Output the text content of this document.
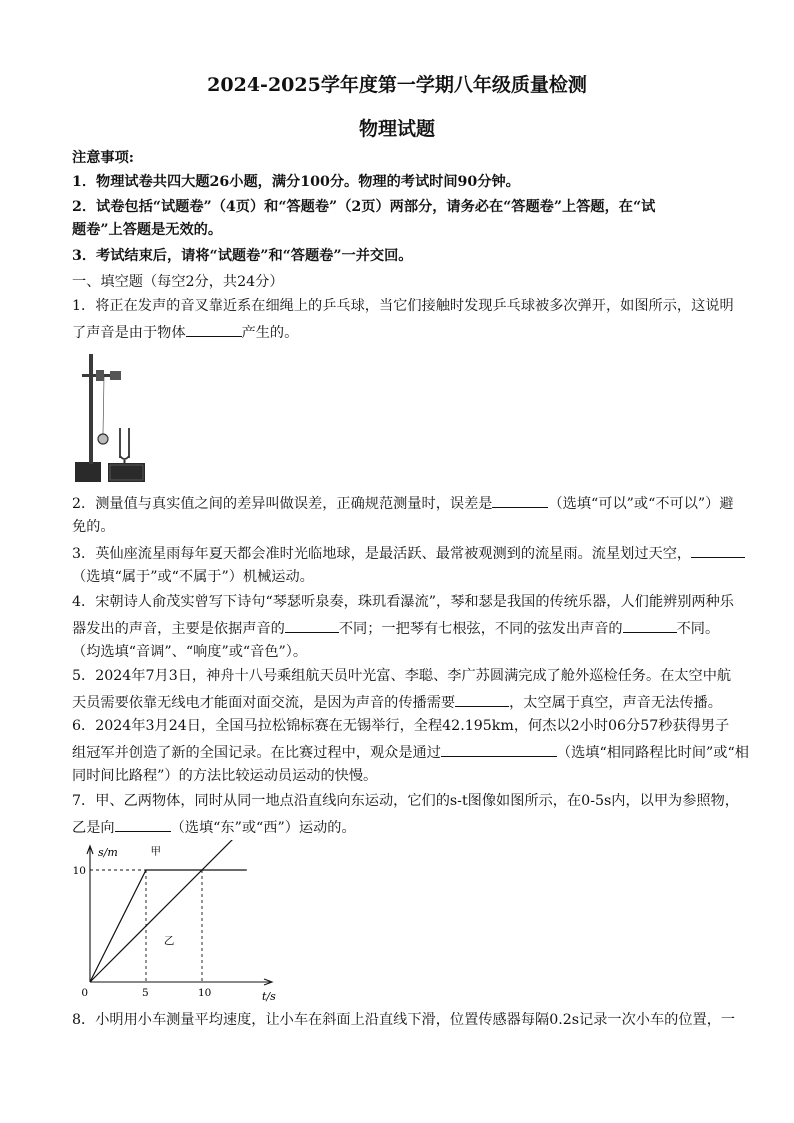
2024-2025学年度第一学期八年级质量检测
物理试题
注意事项:
1．物理试卷共四大题26小题，满分100分。物理的考试时间90分钟。
2．试卷包括“试题卷”（4页）和“答题卷”（2页）两部分，请务必在“答题卷”上答题，在“试
题卷”上答题是无效的。
3．考试结束后，请将“试题卷”和“答题卷”一并交回。
一、填空题（每空2分，共24分）
1．将正在发声的音叉靠近系在细绳上的乒乓球，当它们接触时发现乒乓球被多次弹开，如图所示，这说明
了声音是由于物体	产生的。
2．测量值与真实值之间的差异叫做误差，正确规范测量时，误差是	（选填“可以”或“不可以”）避
免的。
3．英仙座流星雨每年夏天都会准时光临地球，是最活跃、最常被观测到的流星雨。流星划过天空，
（选填“属于”或“不属于”）机械运动。
4．宋朝诗人俞茂实曾写下诗句“琴瑟听泉奏，珠玑看瀑流”，琴和瑟是我国的传统乐器，人们能辨别两种乐
器发出的声音，主要是依据声音的	不同；一把琴有七根弦，不同的弦发出声音的	不同。
（均选填“音调”、“响度”或“音色”）。
5．2024年7月3日，神舟十八号乘组航天员叶光富、李聪、李广苏圆满完成了舱外巡检任务。在太空中航
天员需要依靠无线电才能面对面交流，是因为声音的传播需要	，太空属于真空，声音无法传播。
6．2024年3月24日，全国马拉松锦标赛在无锡举行，全程42.195km，何杰以2小时06分57秒获得男子
组冠军并创造了新的全国记录。在比赛过程中，观众是通过	（选填“相同路程比时间”或“相
同时间比路程”）的方法比较运动员运动的快慢。
7．甲、乙两物体，同时从同一地点沿直线向东运动，它们的s-t图像如图所示，在0-5s内，以甲为参照物，
乙是向	（选填“东”或“西”）运动的。
s/m
t/s
0	5	10
10
甲
乙
8．小明用小车测量平均速度，让小车在斜面上沿直线下滑，位置传感器每隔0.2s记录一次小车的位置，一
